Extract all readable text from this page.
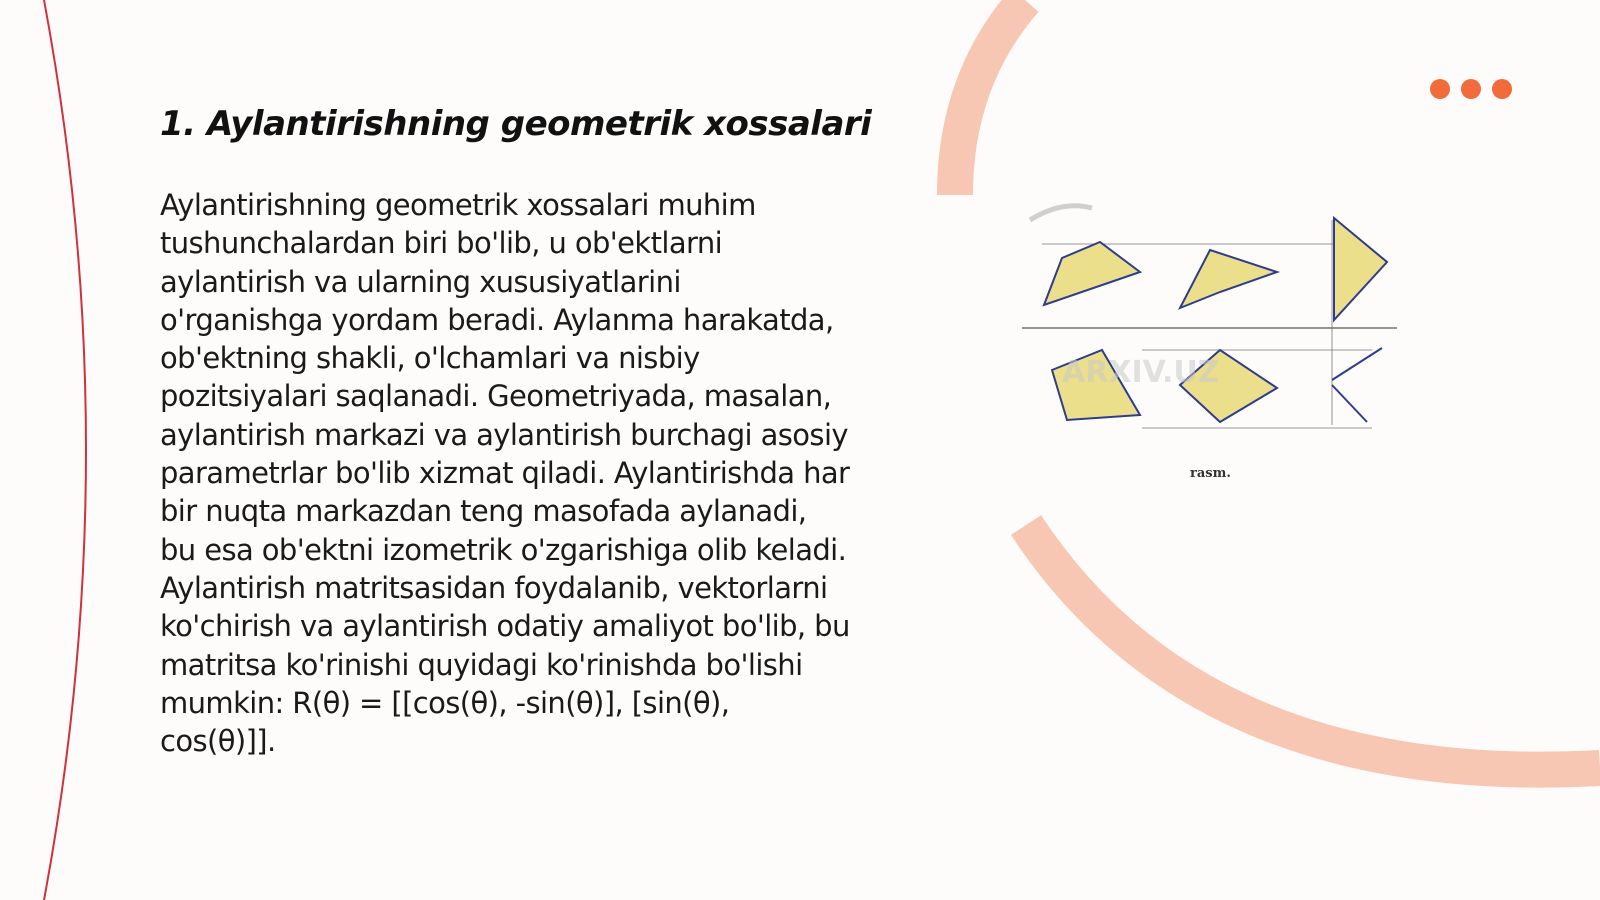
1. Aylantirishning geometrik xossalari

Aylantirishning geometrik xossalari muhim tushunchalardan biri bo'lib, u ob'ektlarni aylantirish va ularning xususiyatlarini o'rganishga yordam beradi. Aylanma harakatda, ob'ektning shakli, o'lchamlari va nisbiy pozitsiyalari saqlanadi. Geometriyada, masalan, aylantirish markazi va aylantirish burchagi asosiy parametrlar bo'lib xizmat qiladi. Aylantirishda har bir nuqta markazdan teng masofada aylanadi, bu esa ob'ektni izometrik o'zgarishiga olib keladi. Aylantirish matritsasidan foydalanib, vektorlarni ko'chirish va aylantirish odatiy amaliyot bo'lib, bu matritsa ko'rinishi quyidagi ko'rinishda bo'lishi mumkin: R(θ) = [[cos(θ), -sin(θ)], [sin(θ), cos(θ)]].

ARXIV.UZ
rasm.
